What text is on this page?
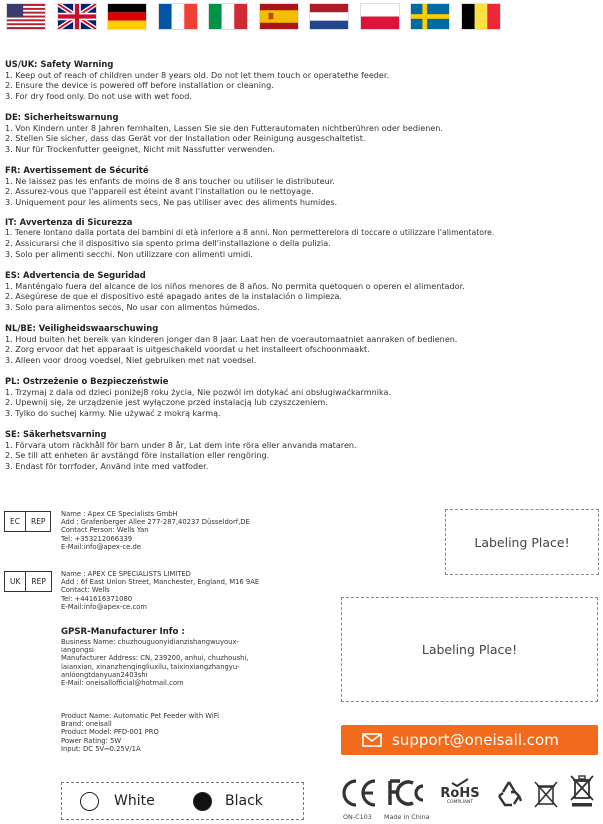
US/UK: Safety Warning

1. Keep out of reach of children under 8 years old. Do not let them touch or operatethe feeder.

2. Ensure the device is powered off before installation or cleaning.

3. For dry food only. Do not use with wet food.

DE: Sicherheitswarnung

1. Von Kindern unter 8 Jahren fernhalten, Lassen Sie sie den Futterautomaten nichtberühren oder bedienen.

2. Stellen Sie sicher, dass das Gerät vor der Installation oder Reinigung ausgeschaltetist.

3. Nur für Trockenfutter geeignet, Nicht mit Nassfutter verwenden.

FR: Avertissement de Sécurité

1. Ne laissez pas les enfants de moins de 8 ans toucher ou utiliser le distributeur.

2. Assurez-vous que l'appareil est éteint avant l'installation ou le nettoyage.

3. Uniquement pour les aliments secs, Ne pas utiliser avec des aliments humides.

IT: Avvertenza di Sicurezza

1. Tenere lontano dalla portata dei bambini di età inferiore a 8 anni. Non permetterelora di toccare o utilizzare l'alimentatore.

2. Assicurarsi che il dispositivo sia spento prima dell'installazione o della pulizia.

3. Solo per alimenti secchi. Non utilizzare con alimenti umidi.

ES: Advertencia de Seguridad

1. Manténgalo fuera del alcance de los niños menores de 8 años. No permita quetoquen o operen el alimentador.

2. Asegúrese de que el dispositivo esté apagado antes de la instalación o limpieza.

3. Solo para alimentos secos, No usar con alimentos húmedos.

NL/BE: Veiligheidswaarschuwing

1. Houd buiten het bereik van kinderen jonger dan 8 jaar. Laat hen de voerautomaatniet aanraken of bedienen.

2. Zorg ervoor dat het apparaat is uitgeschakeld voordat u het installeert ofschoonmaakt.

3. Alleen voor droog voedsel, Niet gebruiken met nat voedsel.

PL: Ostrzeżenie o Bezpieczeństwie

1. Trzymaj z dala od dzieci poniżej8 roku życia, Nie pozwól im dotykać ani obsługiwaćkarmnika.

2. Upewnij się, że urządzenie jest wyłączone przed instalacją lub czyszczeniem.

3. Tylko do suchej karmy. Nie używać z mokrą karmą.

SE: Säkerhetsvarning

1. Förvara utom räckhåll för barn under 8 år, Lat dem inte röra eller anvanda mataren.

2. Se till att enheten är avstängd före installation eller rengöring.

3. Endast för torrfoder, Använd inte med vatfoder.

EC	REP

Name : Apex CE Specialists GmbH

Add : Grafenberger Allee 277-287,40237 Düsseldorf,DE

Contact Person: Wells Yan

Tel: +353212066339

E-Mail:info@apex-ce.de

UK	REP

Name : APEX CE SPECIALISTS LIMITED

Add : 6f East Union Street, Manchester, England, M16 9AE

Contact: Wells

Tel: +441616371080

E-Mail:info@apex-ce.com

GPSR-Manufacturer Info :

Business Name: chuzhouguonyidianzishangwuyoux-

iangongsi

Manufacturer Address: CN, 239200, anhui, chuzhoushi,

laianxian, xinanzhenqingliuxilu, taixinxiangzhangyu-

anlóongtdanyuan2403shi

E-Mail: oneisallofficial@hotmail.com

Product Name: Automatic Pet Feeder with WiFi

Brand: oneisall

Product Model: PFD-001 PRO

Power Rating: 5W

Input: DC 5V⎓0.25V/1A

Labeling Place!
Labeling Place!
support@oneisall.com
White	Black	RoHS
COMPLIANT
ON-C103 Made in China
